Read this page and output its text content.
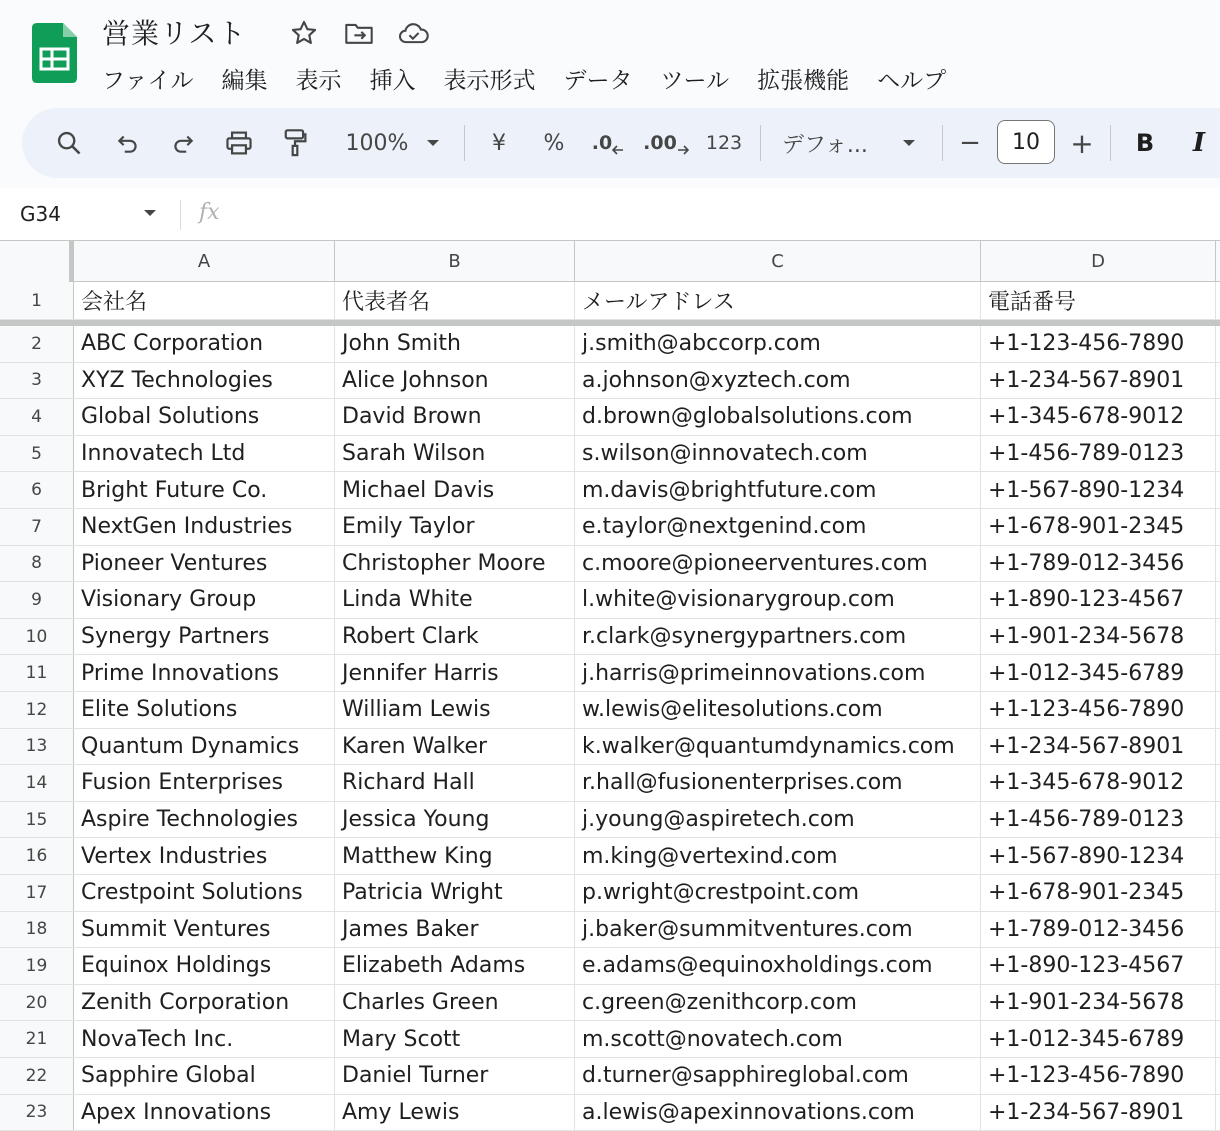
営業リスト
ファイル	編集	表示	挿入	表示形式	データ	ツール	拡張機能	ヘルプ
100%	¥ % .0 .00 123 デフォ...	−	10	+ B I
G34	fx
A	B	C	D
1	会社名	代表者名	メールアドレス	電話番号
2	ABC Corporation	John Smith	j.smith@abccorp.com	+1-123-456-7890
3	XYZ Technologies	Alice Johnson	a.johnson@xyztech.com	+1-234-567-8901
4	Global Solutions	David Brown	d.brown@globalsolutions.com	+1-345-678-9012
5	Innovatech Ltd	Sarah Wilson	s.wilson@innovatech.com	+1-456-789-0123
6	Bright Future Co.	Michael Davis	m.davis@brightfuture.com	+1-567-890-1234
7	NextGen Industries	Emily Taylor	e.taylor@nextgenind.com	+1-678-901-2345
8	Pioneer Ventures	Christopher Moore	c.moore@pioneerventures.com	+1-789-012-3456
9	Visionary Group	Linda White	l.white@visionarygroup.com	+1-890-123-4567
10	Synergy Partners	Robert Clark	r.clark@synergypartners.com	+1-901-234-5678
11	Prime Innovations	Jennifer Harris	j.harris@primeinnovations.com	+1-012-345-6789
12	Elite Solutions	William Lewis	w.lewis@elitesolutions.com	+1-123-456-7890
13	Quantum Dynamics	Karen Walker	k.walker@quantumdynamics.com	+1-234-567-8901
14	Fusion Enterprises	Richard Hall	r.hall@fusionenterprises.com	+1-345-678-9012
15	Aspire Technologies	Jessica Young	j.young@aspiretech.com	+1-456-789-0123
16	Vertex Industries	Matthew King	m.king@vertexind.com	+1-567-890-1234
17	Crestpoint Solutions	Patricia Wright	p.wright@crestpoint.com	+1-678-901-2345
18	Summit Ventures	James Baker	j.baker@summitventures.com	+1-789-012-3456
19	Equinox Holdings	Elizabeth Adams	e.adams@equinoxholdings.com	+1-890-123-4567
20	Zenith Corporation	Charles Green	c.green@zenithcorp.com	+1-901-234-5678
21	NovaTech Inc.	Mary Scott	m.scott@novatech.com	+1-012-345-6789
22	Sapphire Global	Daniel Turner	d.turner@sapphireglobal.com	+1-123-456-7890
23	Apex Innovations	Amy Lewis	a.lewis@apexinnovations.com	+1-234-567-8901
